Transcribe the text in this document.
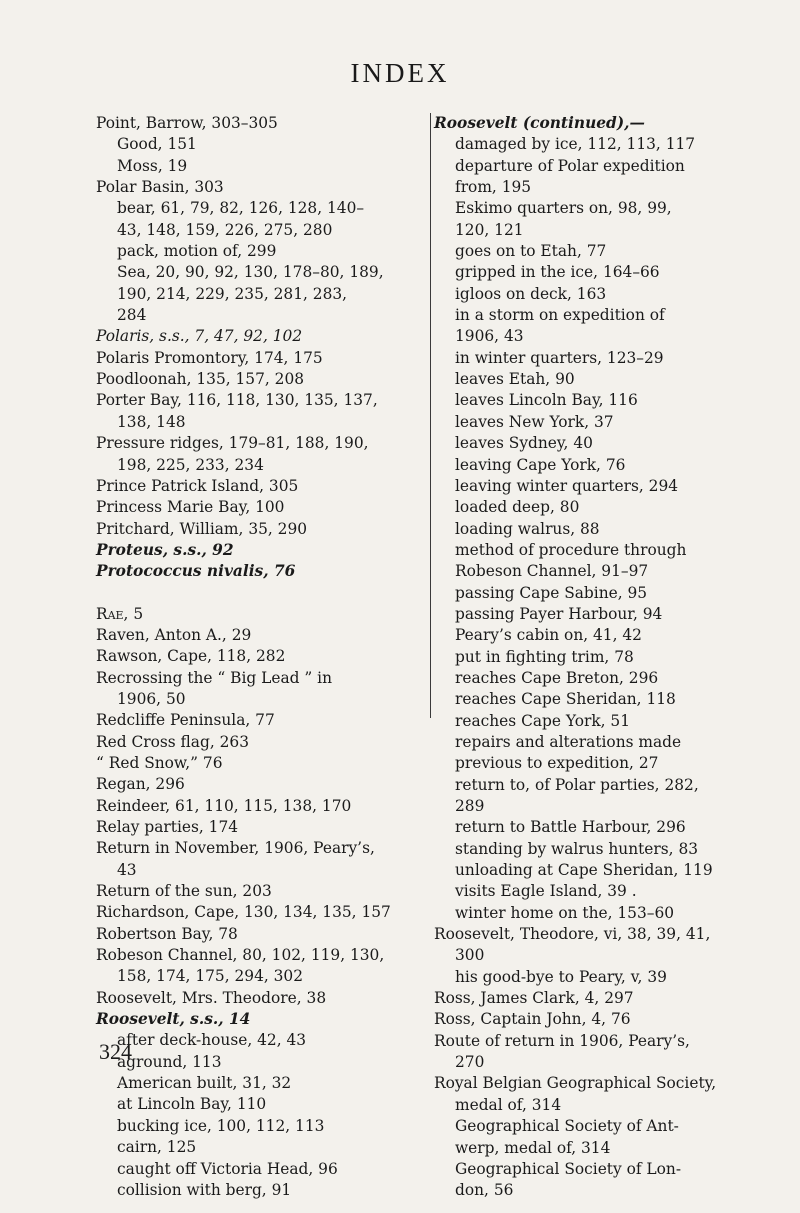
INDEX
Point, Barrow, 303–305
Good, 151
Moss, 19
Polar Basin, 303
bear, 61, 79, 82, 126, 128, 140–
43, 148, 159, 226, 275, 280
pack, motion of, 299
Sea, 20, 90, 92, 130, 178–80, 189,
190, 214, 229, 235, 281, 283,
284
Polaris, s.s., 7, 47, 92, 102
Polaris Promontory, 174, 175
Poodloonah, 135, 157, 208
Porter Bay, 116, 118, 130, 135, 137,
138, 148
Pressure ridges, 179–81, 188, 190,
198, 225, 233, 234
Prince Patrick Island, 305
Princess Marie Bay, 100
Pritchard, William, 35, 290
Proteus, s.s., 92
Protococcus nivalis, 76
Rae, 5
Raven, Anton A., 29
Rawson, Cape, 118, 282
Recrossing the “ Big Lead ” in
1906, 50
Redcliffe Peninsula, 77
Red Cross flag, 263
“ Red Snow,” 76
Regan, 296
Reindeer, 61, 110, 115, 138, 170
Relay parties, 174
Return in November, 1906, Peary’s,
43
Return of the sun, 203
Richardson, Cape, 130, 134, 135, 157
Robertson Bay, 78
Robeson Channel, 80, 102, 119, 130,
158, 174, 175, 294, 302
Roosevelt, Mrs. Theodore, 38
Roosevelt, s.s., 14
after deck-house, 42, 43
aground, 113
American built, 31, 32
at Lincoln Bay, 110
bucking ice, 100, 112, 113
cairn, 125
caught off Victoria Head, 96
collision with berg, 91
Roosevelt (continued),—
damaged by ice, 112, 113, 117
departure of Polar expedition
from, 195
Eskimo quarters on, 98, 99,
120, 121
goes on to Etah, 77
gripped in the ice, 164–66
igloos on deck, 163
in a storm on expedition of
1906, 43
in winter quarters, 123–29
leaves Etah, 90
leaves Lincoln Bay, 116
leaves New York, 37
leaves Sydney, 40
leaving Cape York, 76
leaving winter quarters, 294
loaded deep, 80
loading walrus, 88
method of procedure through
Robeson Channel, 91–97
passing Cape Sabine, 95
passing Payer Harbour, 94
Peary’s cabin on, 41, 42
put in fighting trim, 78
reaches Cape Breton, 296
reaches Cape Sheridan, 118
reaches Cape York, 51
repairs and alterations made
previous to expedition, 27
return to, of Polar parties, 282,
289
return to Battle Harbour, 296
standing by walrus hunters, 83
unloading at Cape Sheridan, 119
visits Eagle Island, 39 .
winter home on the, 153–60
Roosevelt, Theodore, vi, 38, 39, 41,
300
his good-bye to Peary, v, 39
Ross, James Clark, 4, 297
Ross, Captain John, 4, 76
Route of return in 1906, Peary’s,
270
Royal Belgian Geographical Society,
medal of, 314
Geographical Society of Ant-
werp, medal of, 314
Geographical Society of Lon-
don, 56
324
